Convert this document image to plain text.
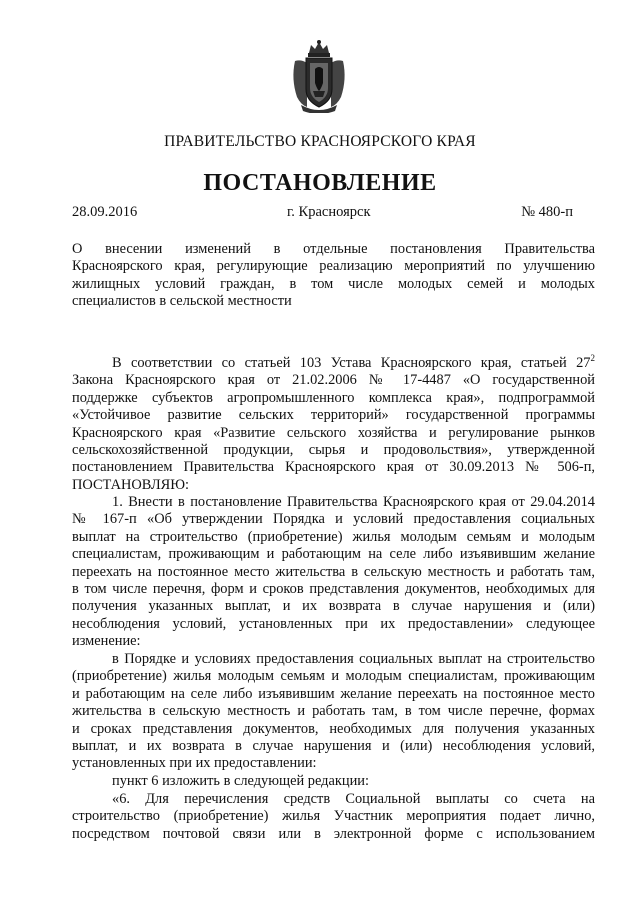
ПРАВИТЕЛЬСТВО КРАСНОЯРСКОГО КРАЯ
ПОСТАНОВЛЕНИЕ
28.09.2016	г. Красноярск	№ 480-п
О внесении изменений в отдельные постановления Правительства
Красноярского края, регулирующие реализацию мероприятий по улучшению
жилищных условий граждан, в том числе молодых семей и молодых
специалистов в сельской местности
В соответствии со статьей 103 Устава Красноярского края, статьей $27^2$
Закона Красноярского края от 21.02.2006 № 17-4487 «О государственной
поддержке субъектов агропромышленного комплекса края», подпрограммой
«Устойчивое развитие сельских территорий» государственной программы
Красноярского края «Развитие сельского хозяйства и регулирование рынков
сельскохозяйственной продукции, сырья и продовольствия», утвержденной
постановлением Правительства Красноярского края от 30.09.2013 № 506-п,
ПОСТАНОВЛЯЮ:
1. Внести в постановление Правительства Красноярского края от 29.04.2014
№ 167-п «Об утверждении Порядка и условий предоставления социальных
выплат на строительство (приобретение) жилья молодым семьям и молодым
специалистам, проживающим и работающим на селе либо изъявившим желание
переехать на постоянное место жительства в сельскую местность и работать там,
в том числе перечня, форм и сроков представления документов, необходимых для
получения указанных выплат, и их возврата в случае нарушения и (или)
несоблюдения условий, установленных при их предоставлении» следующее
изменение:
в Порядке и условиях предоставления социальных выплат на строительство
(приобретение) жилья молодым семьям и молодым специалистам, проживающим
и работающим на селе либо изъявившим желание переехать на постоянное место
жительства в сельскую местность и работать там, в том числе перечне, формах
и сроках представления документов, необходимых для получения указанных
выплат, и их возврата в случае нарушения и (или) несоблюдения условий,
установленных при их предоставлении:
пункт 6 изложить в следующей редакции:
«6. Для перечисления средств Социальной выплаты со счета на
строительство (приобретение) жилья Участник мероприятия подает лично,
посредством почтовой связи или в электронной форме с использованием
